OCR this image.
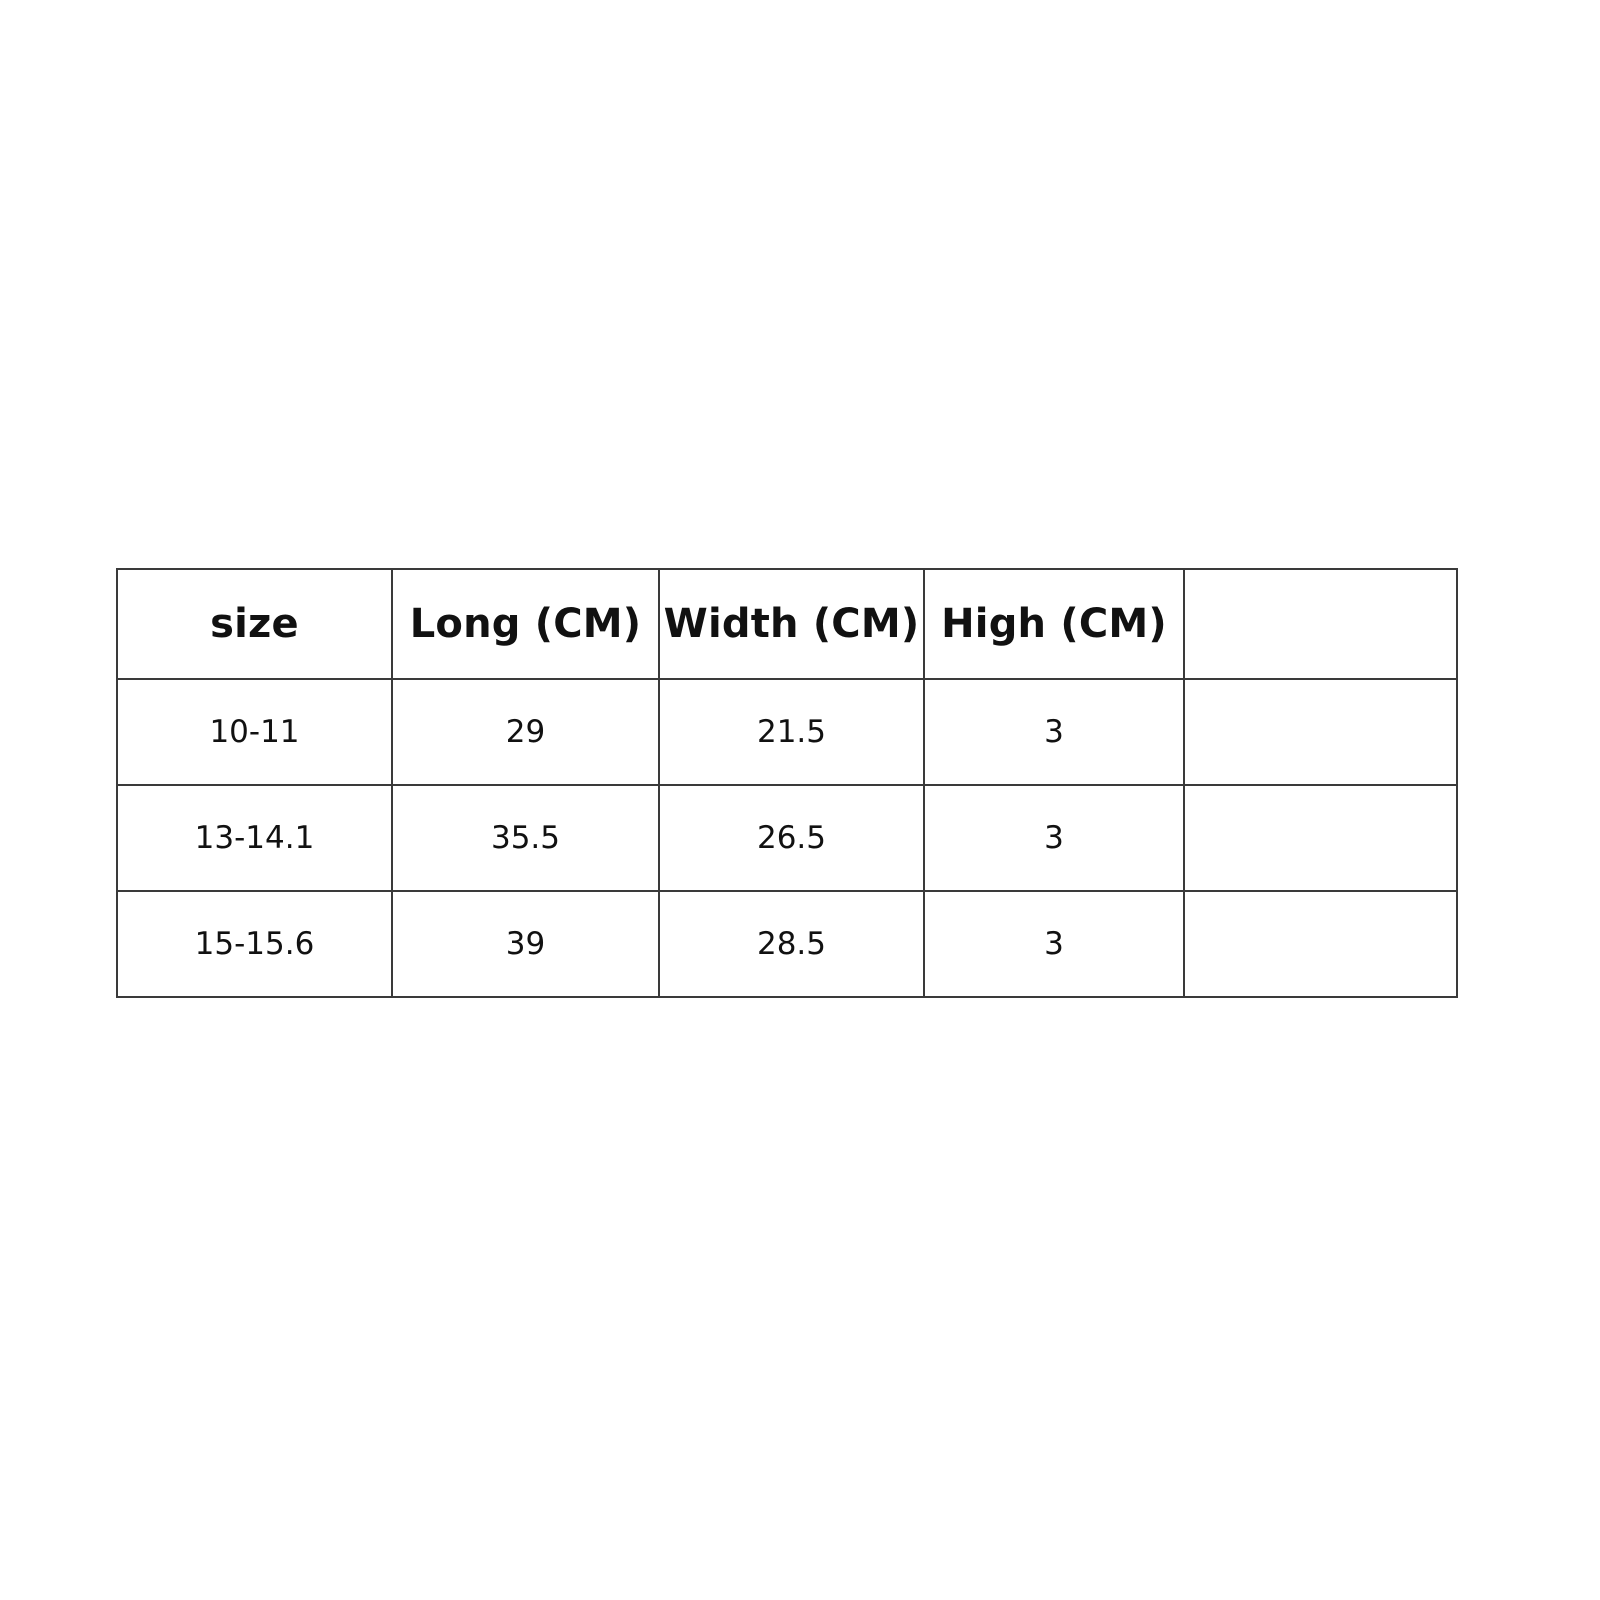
size	Long (CM)	Width (CM)	High (CM)	
10-11	29	21.5	3	
13-14.1	35.5	26.5	3	
15-15.6	39	28.5	3	
